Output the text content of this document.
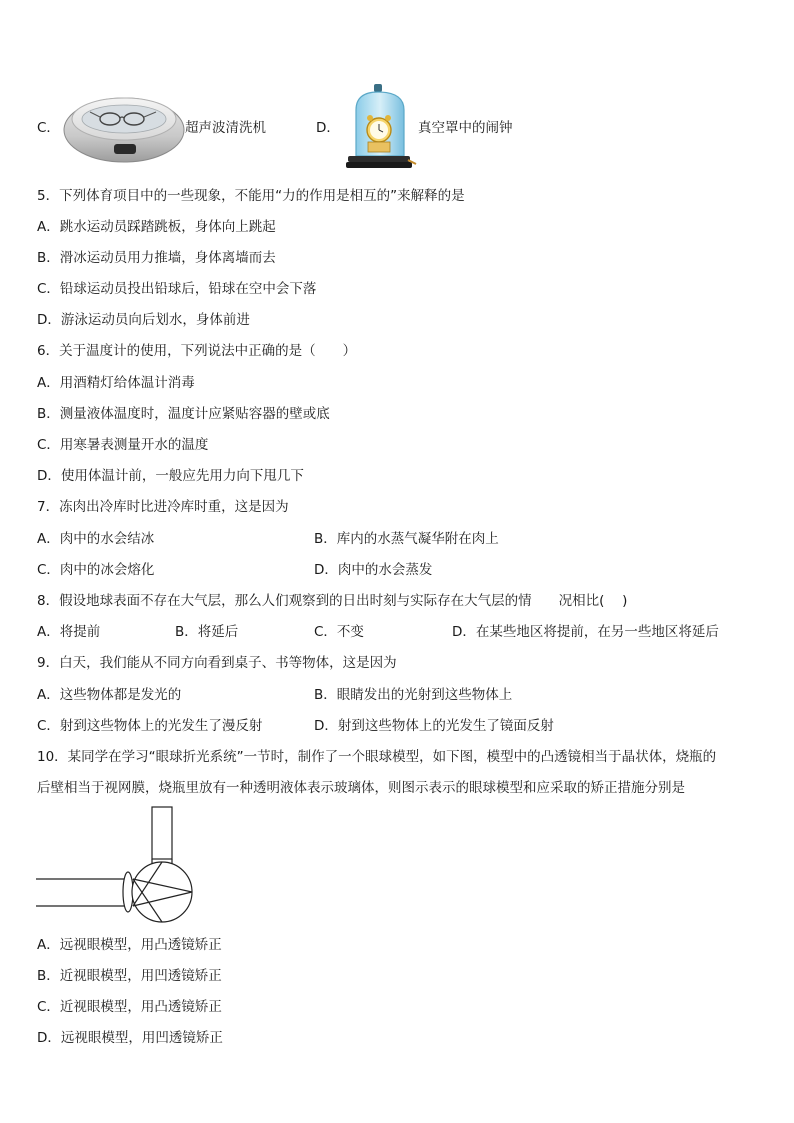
C．	超声波清洗机	D．	真空罩中的闹钟
5．下列体育项目中的一些现象，不能用“力的作用是相互的”来解释的是
A．跳水运动员踩踏跳板，身体向上跳起
B．滑冰运动员用力推墙，身体离墙而去
C．铅球运动员投出铅球后，铅球在空中会下落
D．游泳运动员向后划水，身体前进
6．关于温度计的使用，下列说法中正确的是（　　）
A．用酒精灯给体温计消毒
B．测量液体温度时，温度计应紧贴容器的壁或底
C．用寒暑表测量开水的温度
D．使用体温计前，一般应先用力向下甩几下
7．冻肉出冷库时比进冷库时重，这是因为
A．肉中的水会结冰	B．库内的水蒸气凝华附在肉上
C．肉中的冰会熔化	D．肉中的水会蒸发
8．假设地球表面不存在大气层，那么人们观察到的日出时刻与实际存在大气层的情　　况相比(　 )
A．将提前	B．将延后	C．不变	D．在某些地区将提前，在另一些地区将延后
9．白天，我们能从不同方向看到桌子、书等物体，这是因为
A．这些物体都是发光的	B．眼睛发出的光射到这些物体上
C．射到这些物体上的光发生了漫反射	D．射到这些物体上的光发生了镜面反射
10．某同学在学习“眼球折光系统”一节时，制作了一个眼球模型，如下图，模型中的凸透镜相当于晶状体，烧瓶的
后壁相当于视网膜，烧瓶里放有一种透明液体表示玻璃体，则图示表示的眼球模型和应采取的矫正措施分别是
A．远视眼模型，用凸透镜矫正
B．近视眼模型，用凹透镜矫正
C．近视眼模型，用凸透镜矫正
D．远视眼模型，用凹透镜矫正
